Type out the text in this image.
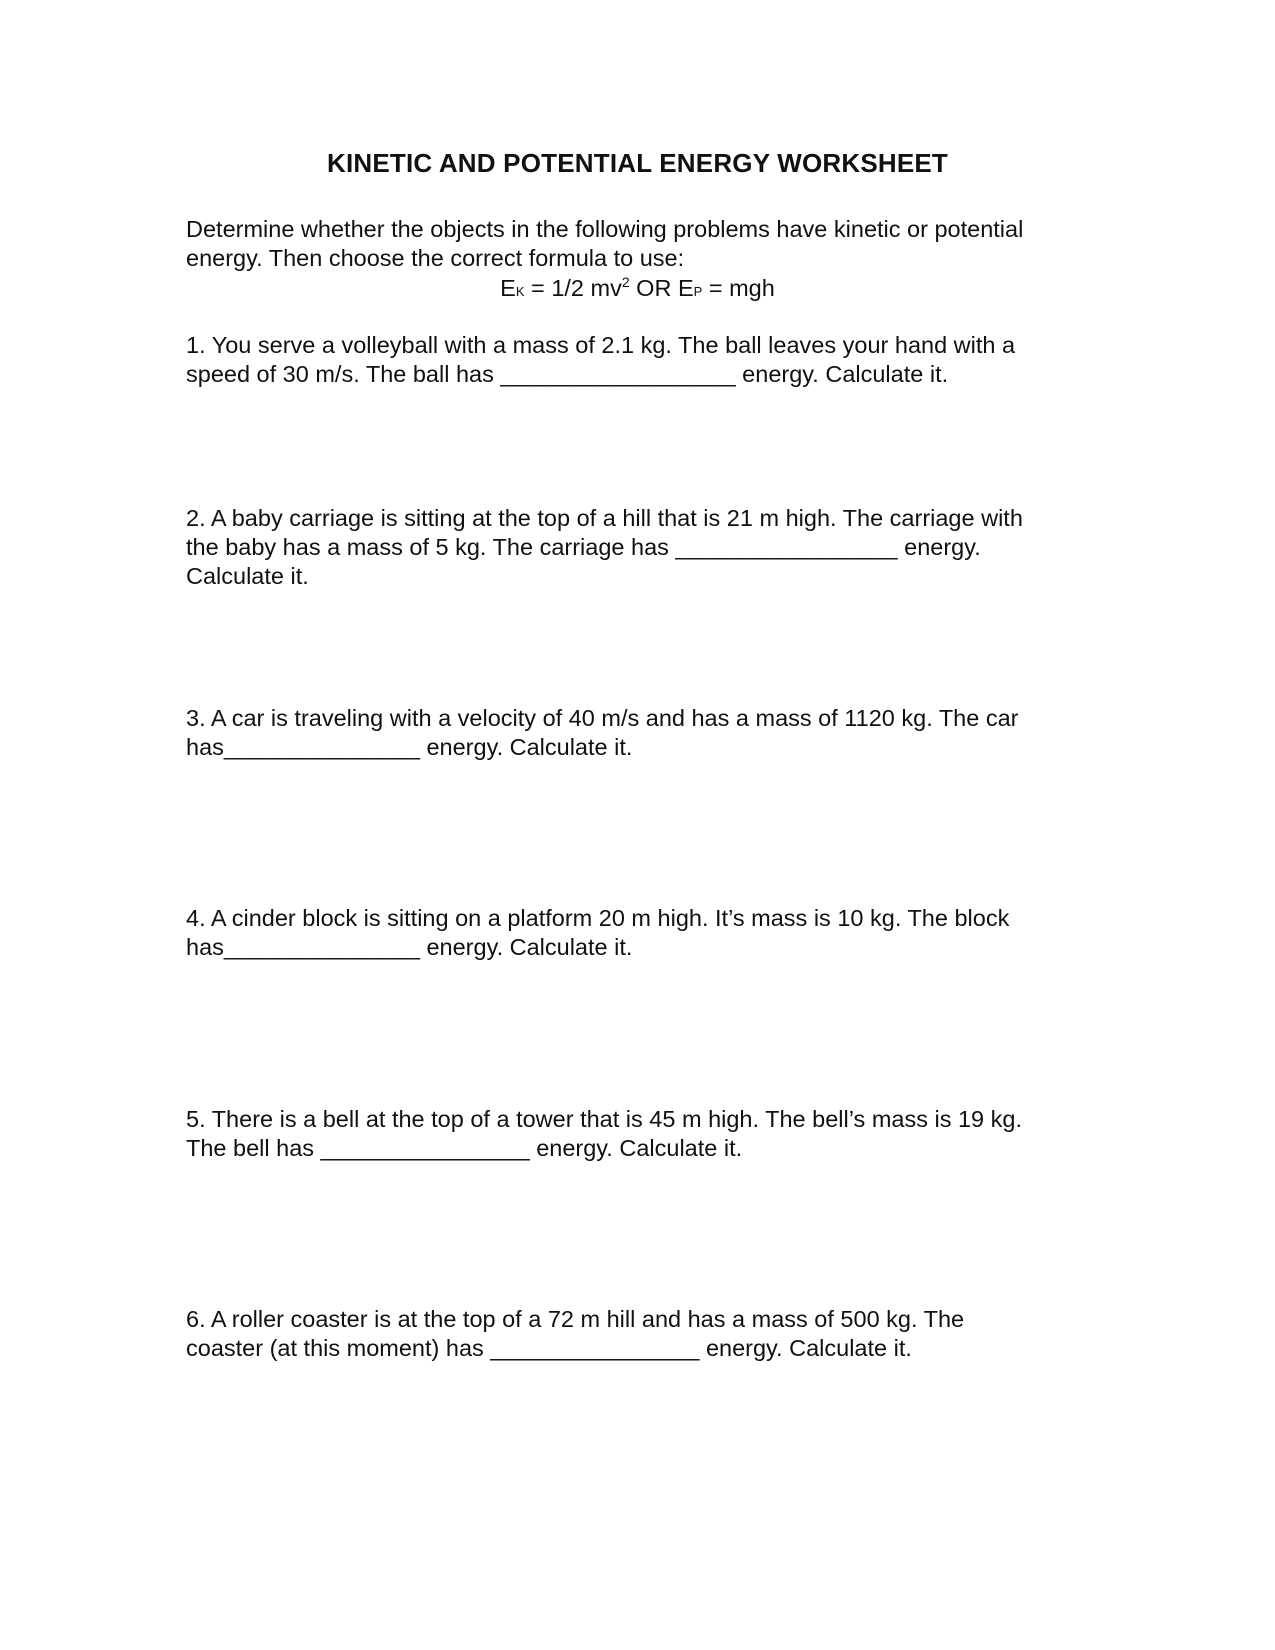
KINETIC AND POTENTIAL ENERGY WORKSHEET
Determine whether the objects in the following problems have kinetic or potential
energy. Then choose the correct formula to use:
EK = 1/2 $mv^2$ OR EP = mgh
1. You serve a volleyball with a mass of 2.1 kg. The ball leaves your hand with a
speed of 30 m/s. The ball has __________________ energy. Calculate it.
2. A baby carriage is sitting at the top of a hill that is 21 m high. The carriage with
the baby has a mass of 5 kg. The carriage has _________________ energy.
Calculate it.
3. A car is traveling with a velocity of 40 m/s and has a mass of 1120 kg. The car
has_______________ energy. Calculate it.
4. A cinder block is sitting on a platform 20 m high. It’s mass is 10 kg. The block
has_______________ energy. Calculate it.
5. There is a bell at the top of a tower that is 45 m high. The bell’s mass is 19 kg.
The bell has ________________ energy. Calculate it.
6. A roller coaster is at the top of a 72 m hill and has a mass of 500 kg. The
coaster (at this moment) has ________________ energy. Calculate it.
